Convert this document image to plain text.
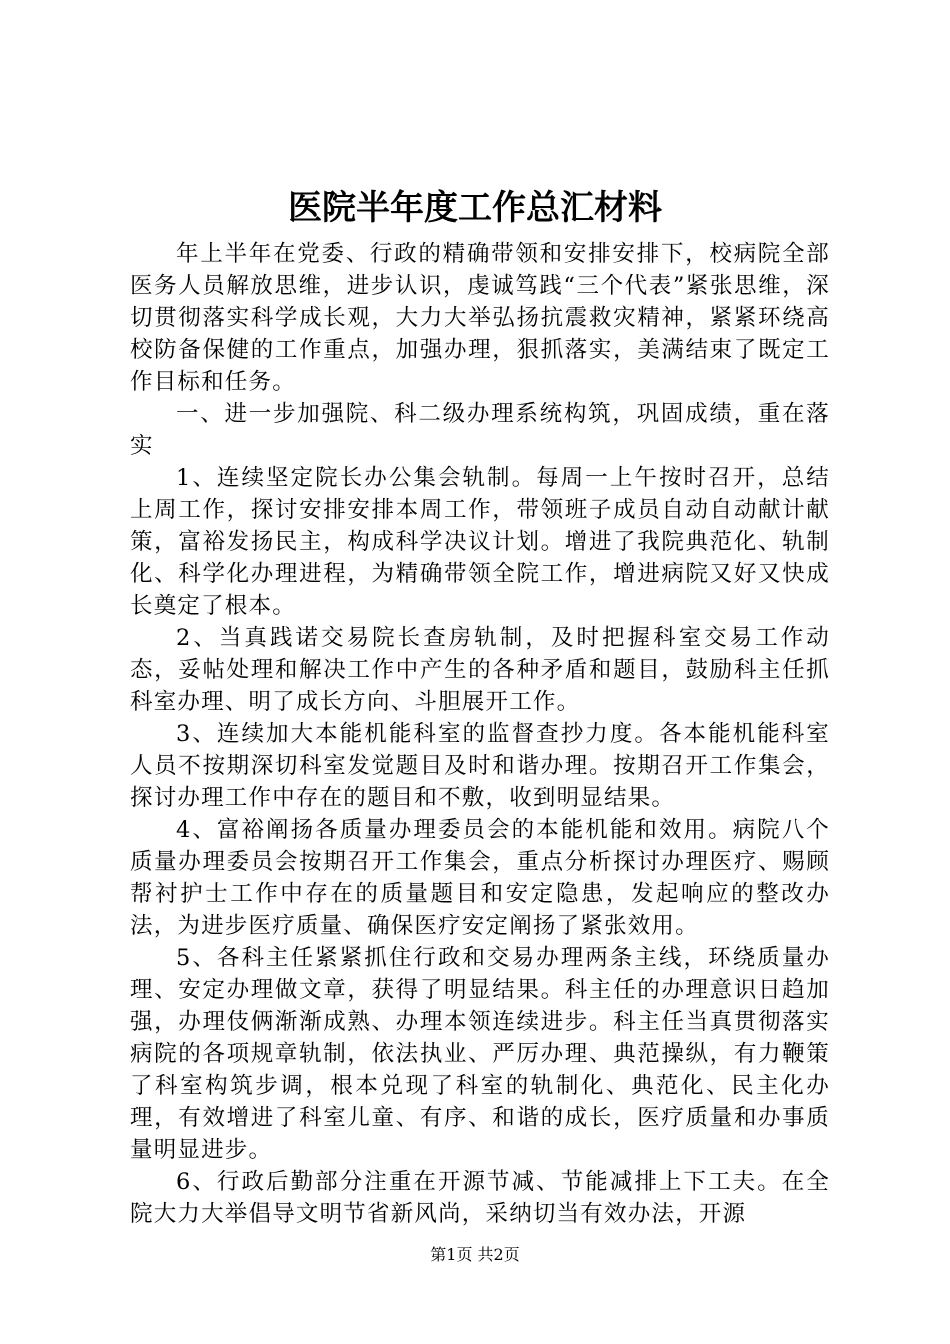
医院半年度工作总汇材料

年上半年在党委、行政的精确带领和安排安排下，校病院全部医务人员解放思维，进步认识，虔诚笃践“三个代表”紧张思维，深切贯彻落实科学成长观，大力大举弘扬抗震救灾精神，紧紧环绕高校防备保健的工作重点，加强办理，狠抓落实，美满结束了既定工作目标和任务。

一、进一步加强院、科二级办理系统构筑，巩固成绩，重在落实

1、连续坚定院长办公集会轨制。每周一上午按时召开，总结上周工作，探讨安排安排本周工作，带领班子成员自动自动献计献策，富裕发扬民主，构成科学决议计划。增进了我院典范化、轨制化、科学化办理进程，为精确带领全院工作，增进病院又好又快成长奠定了根本。

2、当真践诺交易院长查房轨制，及时把握科室交易工作动态，妥帖处理和解决工作中产生的各种矛盾和题目，鼓励科主任抓科室办理、明了成长方向、斗胆展开工作。

3、连续加大本能机能科室的监督查抄力度。各本能机能科室人员不按期深切科室发觉题目及时和谐办理。按期召开工作集会，探讨办理工作中存在的题目和不敷，收到明显结果。

4、富裕阐扬各质量办理委员会的本能机能和效用。病院八个质量办理委员会按期召开工作集会，重点分析探讨办理医疗、赐顾帮衬护士工作中存在的质量题目和安定隐患，发起响应的整改办法，为进步医疗质量、确保医疗安定阐扬了紧张效用。

5、各科主任紧紧抓住行政和交易办理两条主线，环绕质量办理、安定办理做文章，获得了明显结果。科主任的办理意识日趋加强，办理伎俩渐渐成熟、办理本领连续进步。科主任当真贯彻落实病院的各项规章轨制，依法执业、严厉办理、典范操纵，有力鞭策了科室构筑步调，根本兑现了科室的轨制化、典范化、民主化办理，有效增进了科室儿童、有序、和谐的成长，医疗质量和办事质量明显进步。

6、行政后勤部分注重在开源节减、节能减排上下工夫。在全院大力大举倡导文明节省新风尚，采纳切当有效办法，开源

第1页 共2页
